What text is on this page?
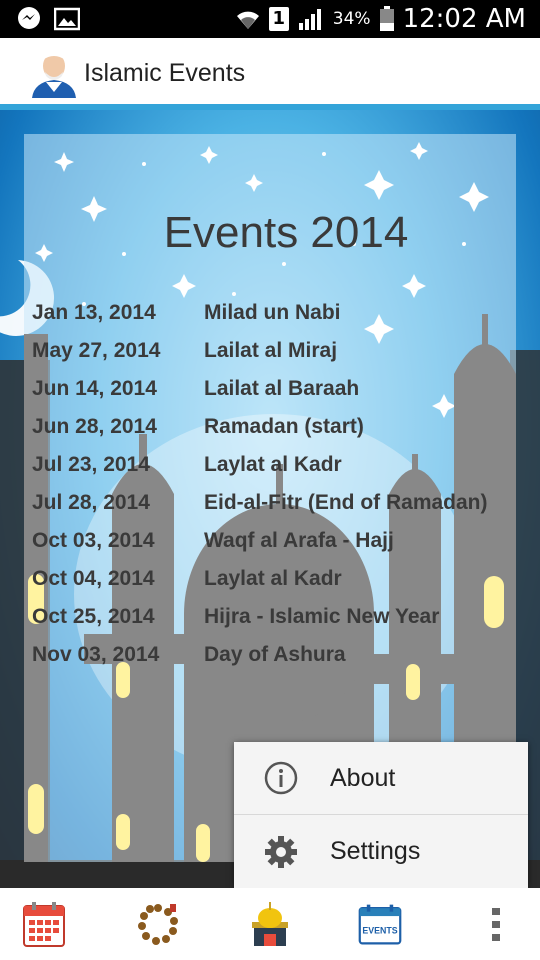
1	34% 12:02 AM
Islamic Events
Events 2014
Jan 13, 2014	Milad un Nabi
May 27, 2014	Lailat al Miraj
Jun 14, 2014	Lailat al Baraah
Jun 28, 2014	Ramadan (start)
Jul 23, 2014	Laylat al Kadr
Jul 28, 2014	Eid-al-Fitr (End of Ramadan)
Oct 03, 2014	Waqf al Arafa - Hajj
Oct 04, 2014	Laylat al Kadr
Oct 25, 2014	Hijra - Islamic New Year
Nov 03, 2014	Day of Ashura
About
Settings
EVENTS
